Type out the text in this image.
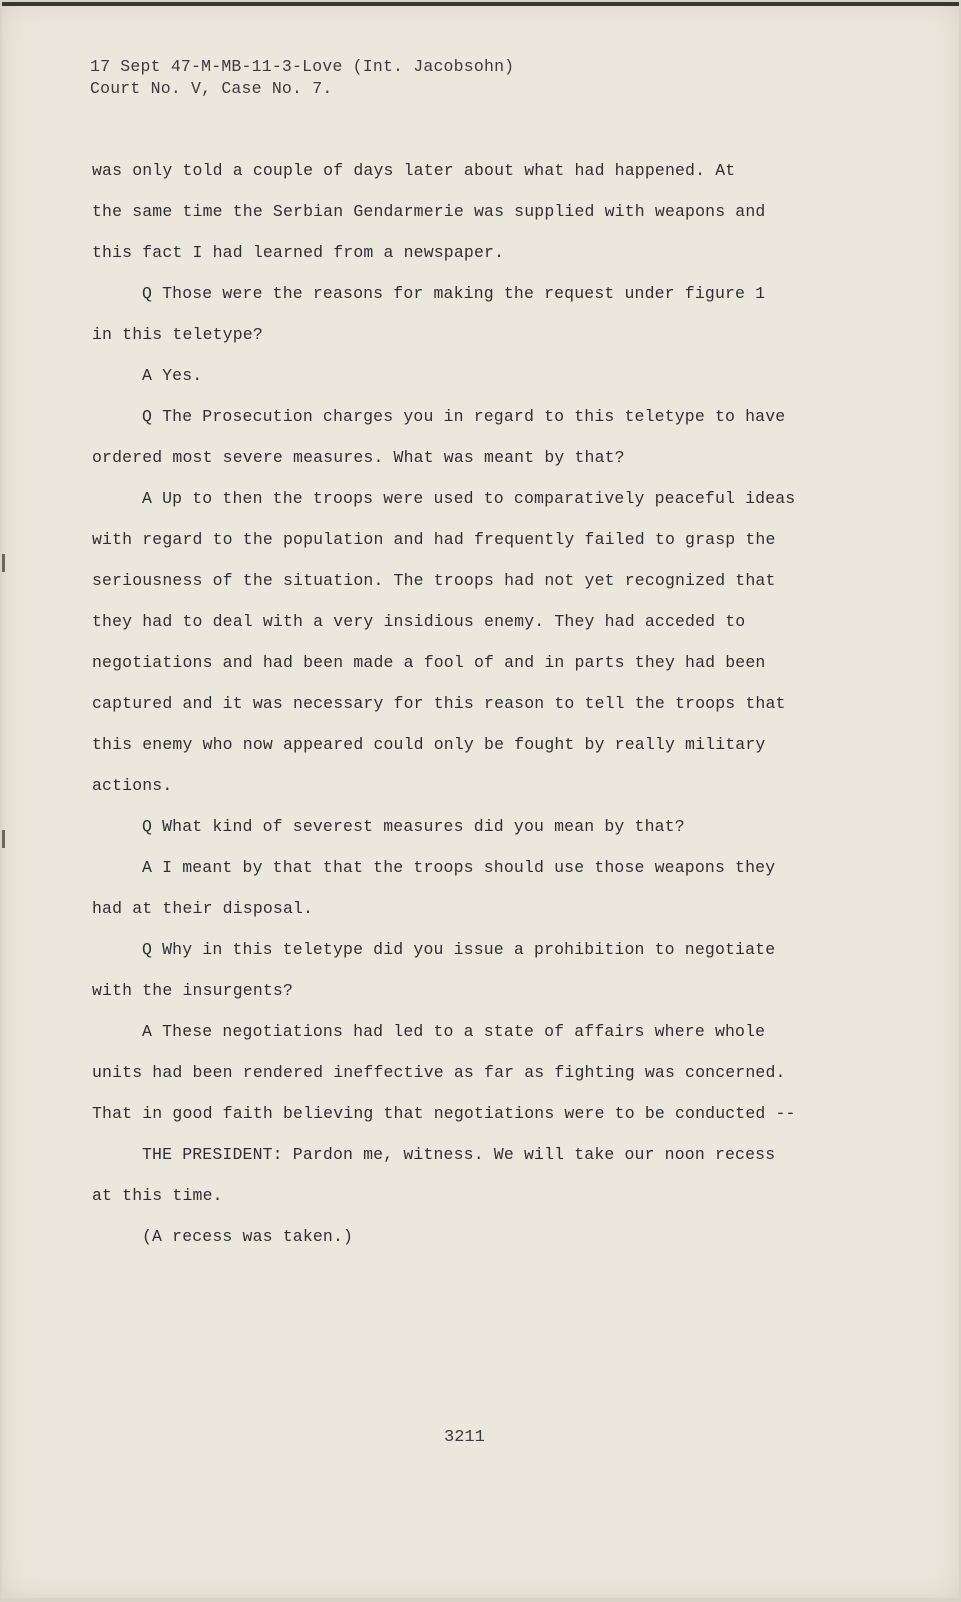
17 Sept 47-M-MB-11-3-Love (Int. Jacobsohn)
Court No. V, Case No. 7.
was only told a couple of days later about what had happened. At
the same time the Serbian Gendarmerie was supplied with weapons and
this fact I had learned from a newspaper.
Q Those were the reasons for making the request under figure 1
in this teletype?
A Yes.
Q The Prosecution charges you in regard to this teletype to have
ordered most severe measures. What was meant by that?
A Up to then the troops were used to comparatively peaceful ideas
with regard to the population and had frequently failed to grasp the
seriousness of the situation. The troops had not yet recognized that
they had to deal with a very insidious enemy. They had acceded to
negotiations and had been made a fool of and in parts they had been
captured and it was necessary for this reason to tell the troops that
this enemy who now appeared could only be fought by really military
actions.
Q What kind of severest measures did you mean by that?
A I meant by that that the troops should use those weapons they
had at their disposal.
Q Why in this teletype did you issue a prohibition to negotiate
with the insurgents?
A These negotiations had led to a state of affairs where whole
units had been rendered ineffective as far as fighting was concerned.
That in good faith believing that negotiations were to be conducted --
THE PRESIDENT: Pardon me, witness. We will take our noon recess
at this time.
(A recess was taken.)
3211
